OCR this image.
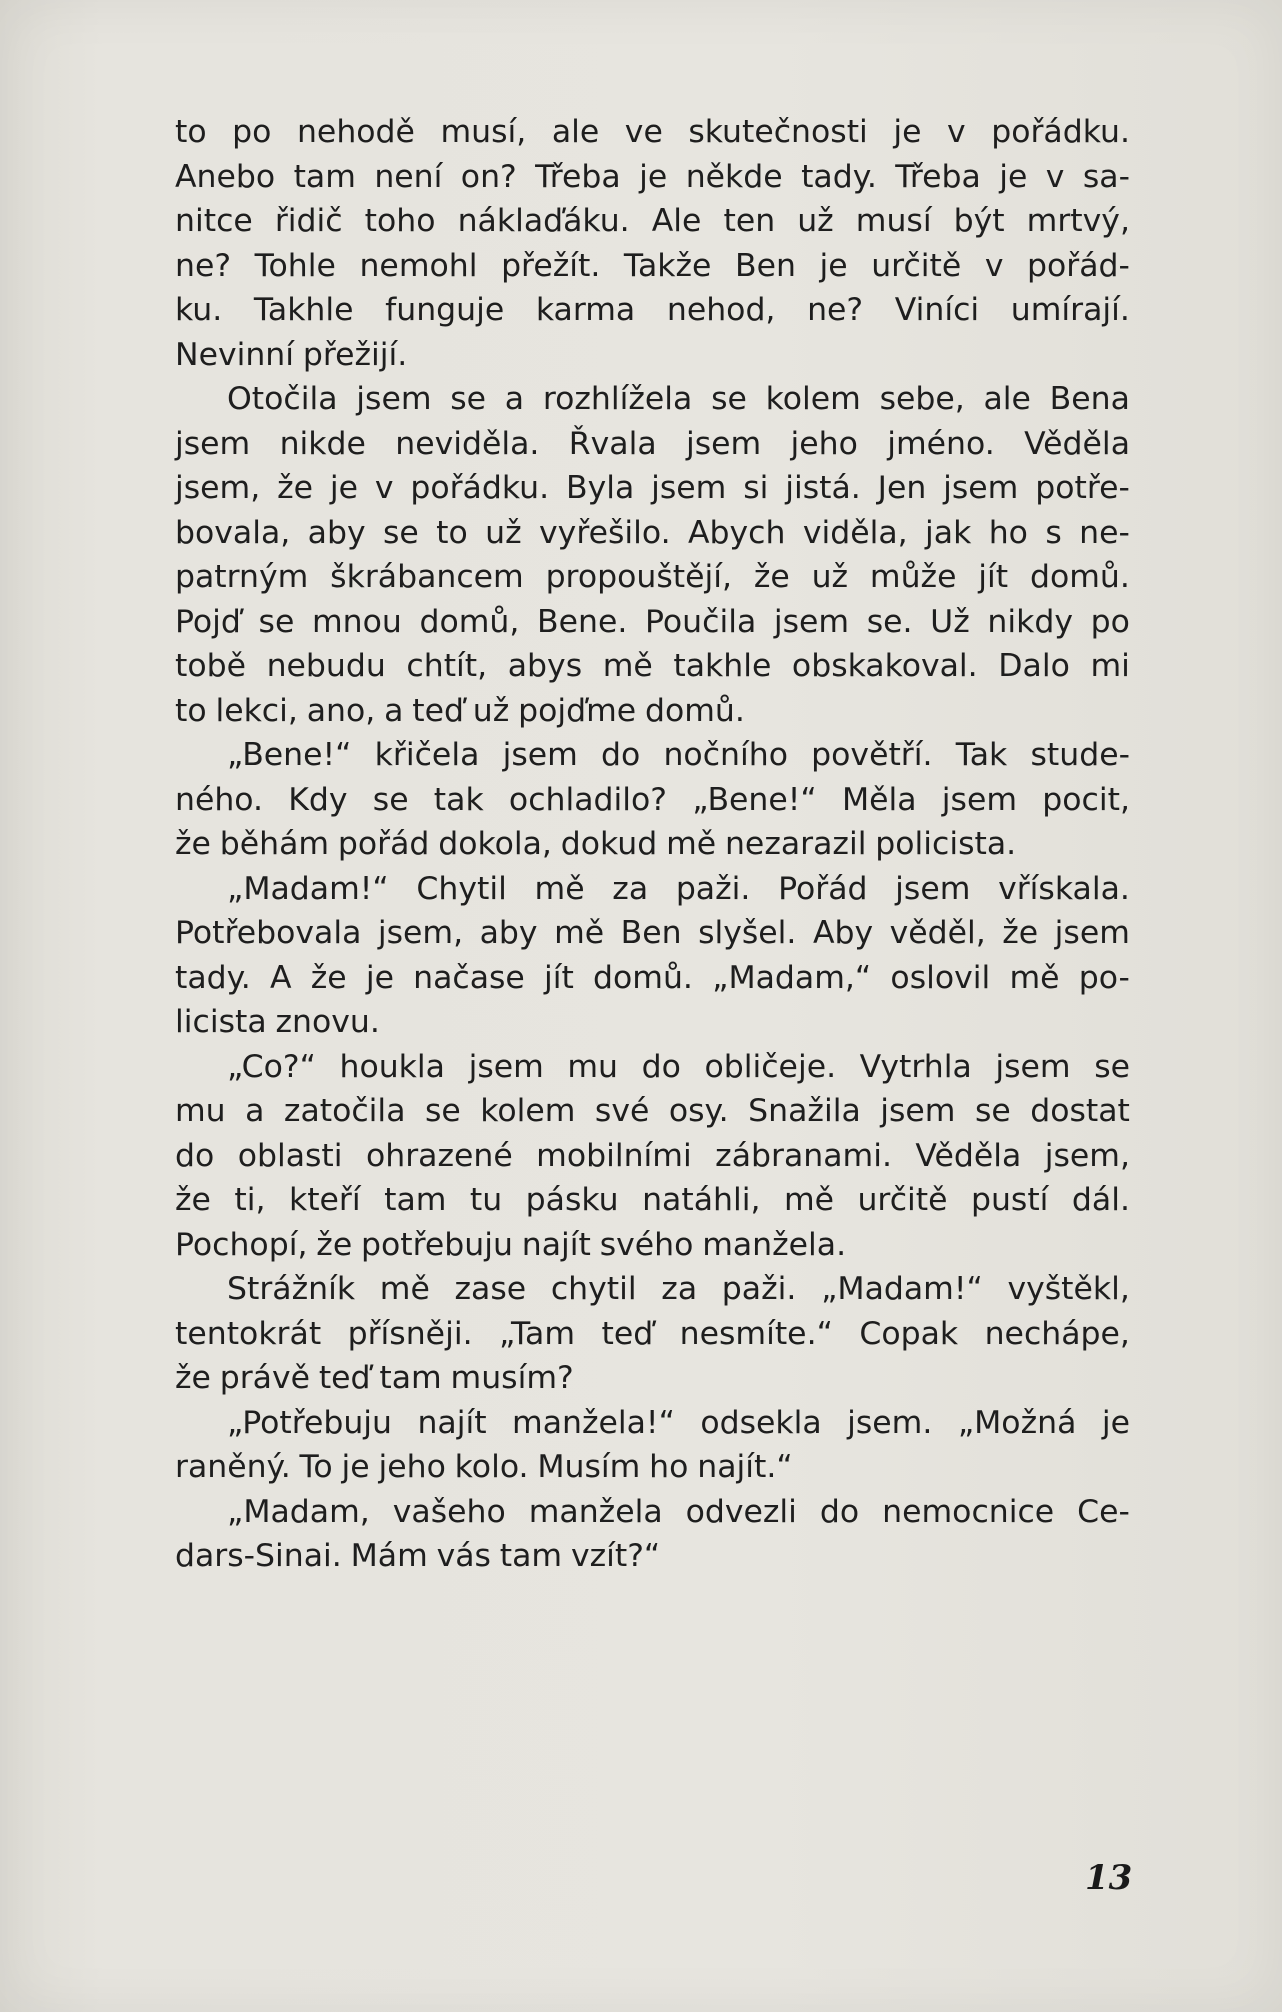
to po nehodě musí, ale ve skutečnosti je v pořádku.
Anebo tam není on? Třeba je někde tady. Třeba je v sa-
nitce řidič toho náklaďáku. Ale ten už musí být mrtvý,
ne? Tohle nemohl přežít. Takže Ben je určitě v pořád-
ku. Takhle funguje karma nehod, ne? Viníci umírají.
Nevinní přežijí.
Otočila jsem se a rozhlížela se kolem sebe, ale Bena
jsem nikde neviděla. Řvala jsem jeho jméno. Věděla
jsem, že je v pořádku. Byla jsem si jistá. Jen jsem potře-
bovala, aby se to už vyřešilo. Abych viděla, jak ho s ne-
patrným škrábancem propouštějí, že už může jít domů.
Pojď se mnou domů, Bene. Poučila jsem se. Už nikdy po
tobě nebudu chtít, abys mě takhle obskakoval. Dalo mi
to lekci, ano, a teď už pojďme domů.
„Bene!“ křičela jsem do nočního povětří. Tak stude-
ného. Kdy se tak ochladilo? „Bene!“ Měla jsem pocit,
že běhám pořád dokola, dokud mě nezarazil policista.
„Madam!“ Chytil mě za paži. Pořád jsem vřískala.
Potřebovala jsem, aby mě Ben slyšel. Aby věděl, že jsem
tady. A že je načase jít domů. „Madam,“ oslovil mě po-
licista znovu.
„Co?“ houkla jsem mu do obličeje. Vytrhla jsem se
mu a zatočila se kolem své osy. Snažila jsem se dostat
do oblasti ohrazené mobilními zábranami. Věděla jsem,
že ti, kteří tam tu pásku natáhli, mě určitě pustí dál.
Pochopí, že potřebuju najít svého manžela.
Strážník mě zase chytil za paži. „Madam!“ vyštěkl,
tentokrát přísněji. „Tam teď nesmíte.“ Copak nechápe,
že právě teď tam musím?
„Potřebuju najít manžela!“ odsekla jsem. „Možná je
raněný. To je jeho kolo. Musím ho najít.“
„Madam, vašeho manžela odvezli do nemocnice Ce-
dars-Sinai. Mám vás tam vzít?“
13
